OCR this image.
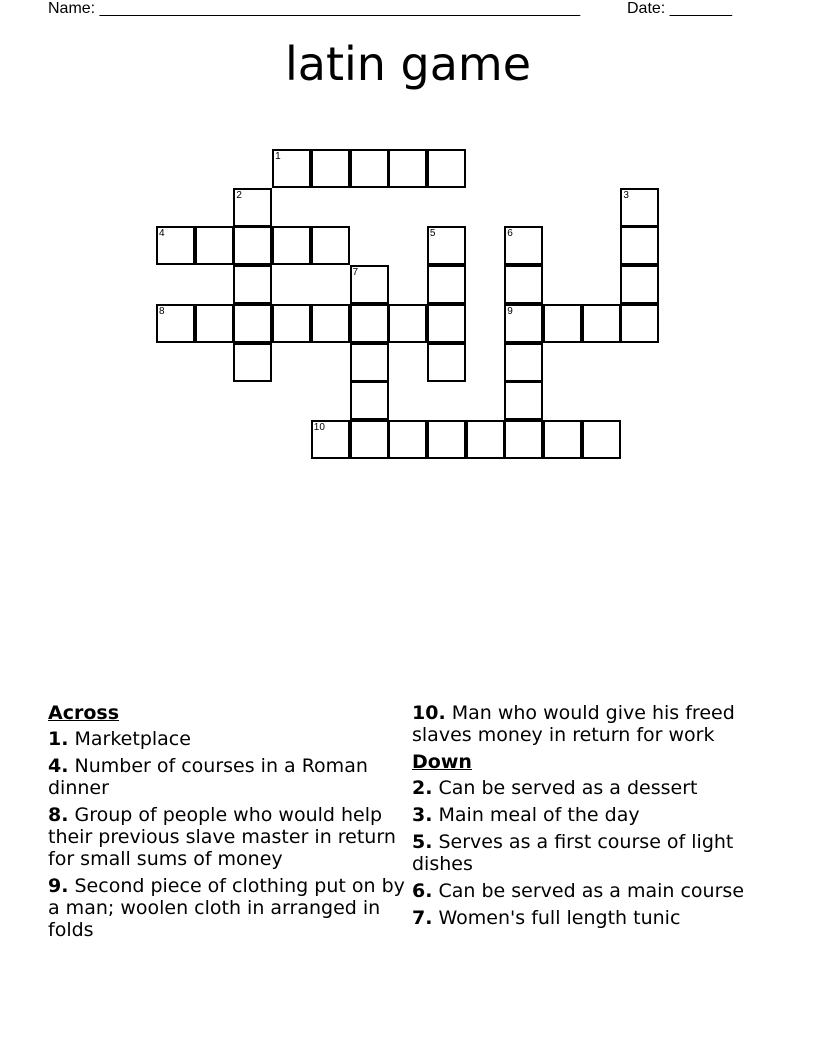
Name: ______________________________________________________	Date: _______
latin game
1
2	3
4	5	6
7
8	9
10
Across
1. Marketplace
4. Number of courses in a Roman dinner
8. Group of people who would help their previous slave master in return for small sums of money
9. Second piece of clothing put on by a man; woolen cloth in arranged in folds
10. Man who would give his freed slaves money in return for work
Down
2. Can be served as a dessert
3. Main meal of the day
5. Serves as a first course of light dishes
6. Can be served as a main course
7. Women's full length tunic
